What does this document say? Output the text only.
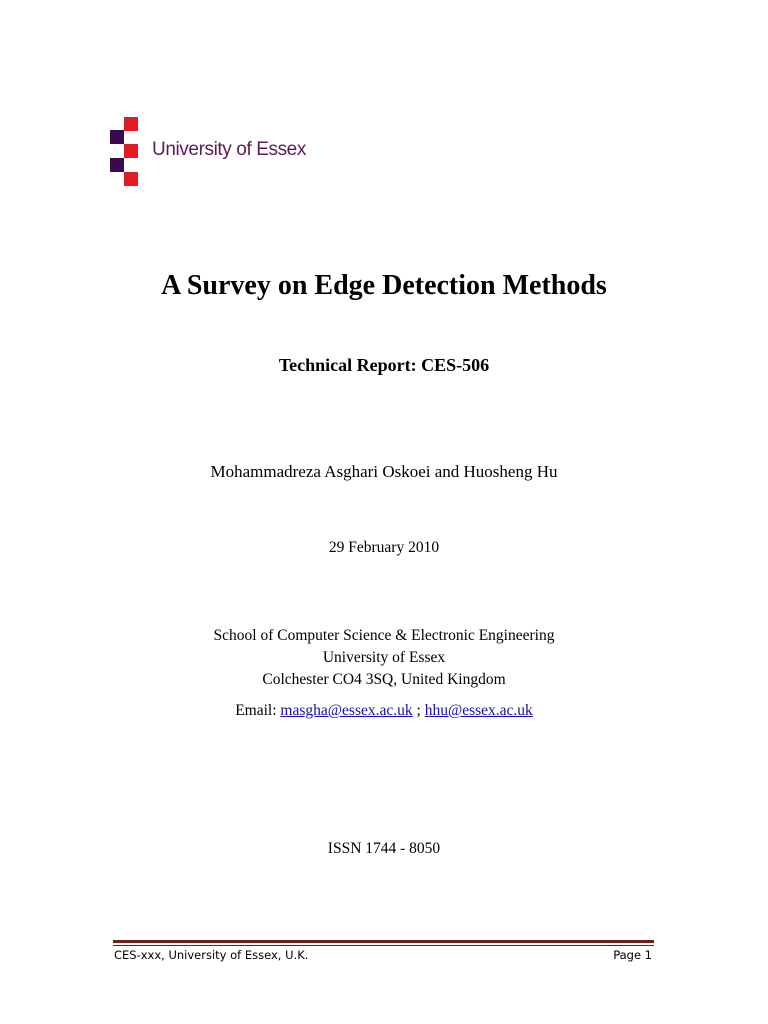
University of Essex
A Survey on Edge Detection Methods
Technical Report: CES-506
Mohammadreza Asghari Oskoei and Huosheng Hu
29 February 2010
School of Computer Science & Electronic Engineering
University of Essex
Colchester CO4 3SQ, United Kingdom
Email: masgha@essex.ac.uk ; hhu@essex.ac.uk
ISSN 1744 - 8050
CES-xxx, University of Essex, U.K.	Page 1
